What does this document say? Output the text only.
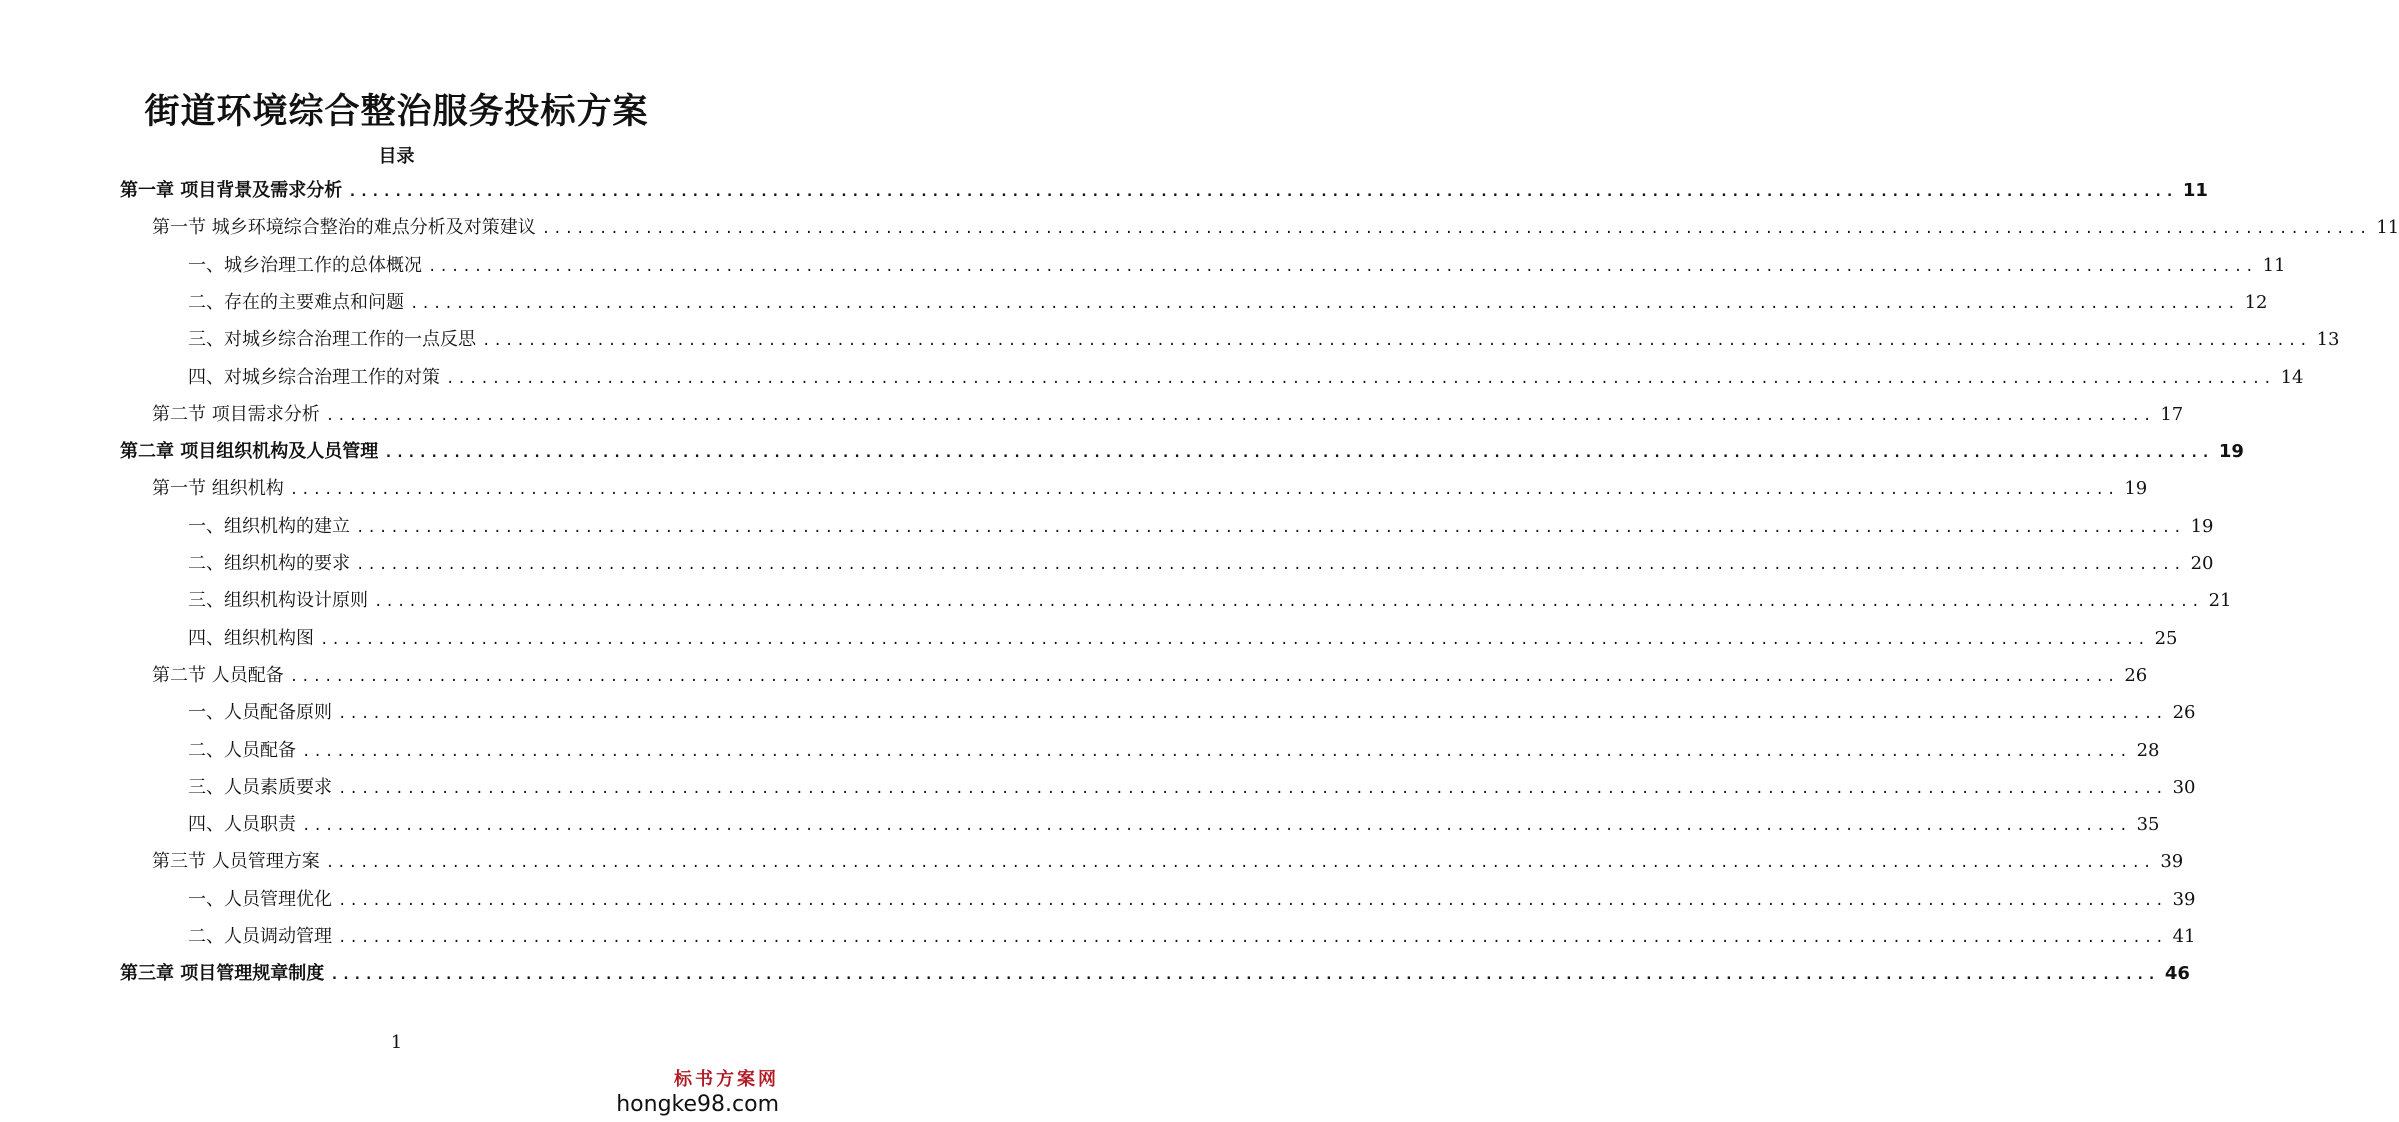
街道环境综合整治服务投标方案
目录
第一章 项目背景及需求分析 ................................................................................................................................................................ 11
第一节 城乡环境综合整治的难点分析及对策建议 ................................................................................................................................................................ 11
一、城乡治理工作的总体概况 ................................................................................................................................................................ 11
二、存在的主要难点和问题 ................................................................................................................................................................ 12
三、对城乡综合治理工作的一点反思 ................................................................................................................................................................ 13
四、对城乡综合治理工作的对策 ................................................................................................................................................................ 14
第二节 项目需求分析 ................................................................................................................................................................ 17
第二章 项目组织机构及人员管理 ................................................................................................................................................................ 19
第一节 组织机构 ................................................................................................................................................................ 19
一、组织机构的建立 ................................................................................................................................................................ 19
二、组织机构的要求 ................................................................................................................................................................ 20
三、组织机构设计原则 ................................................................................................................................................................ 21
四、组织机构图 ................................................................................................................................................................ 25
第二节 人员配备 ................................................................................................................................................................ 26
一、人员配备原则 ................................................................................................................................................................ 26
二、人员配备 ................................................................................................................................................................ 28
三、人员素质要求 ................................................................................................................................................................ 30
四、人员职责 ................................................................................................................................................................ 35
第三节 人员管理方案 ................................................................................................................................................................ 39
一、人员管理优化 ................................................................................................................................................................ 39
二、人员调动管理 ................................................................................................................................................................ 41
第三章 项目管理规章制度 ................................................................................................................................................................ 46
1
标书方案网
hongke98.com
